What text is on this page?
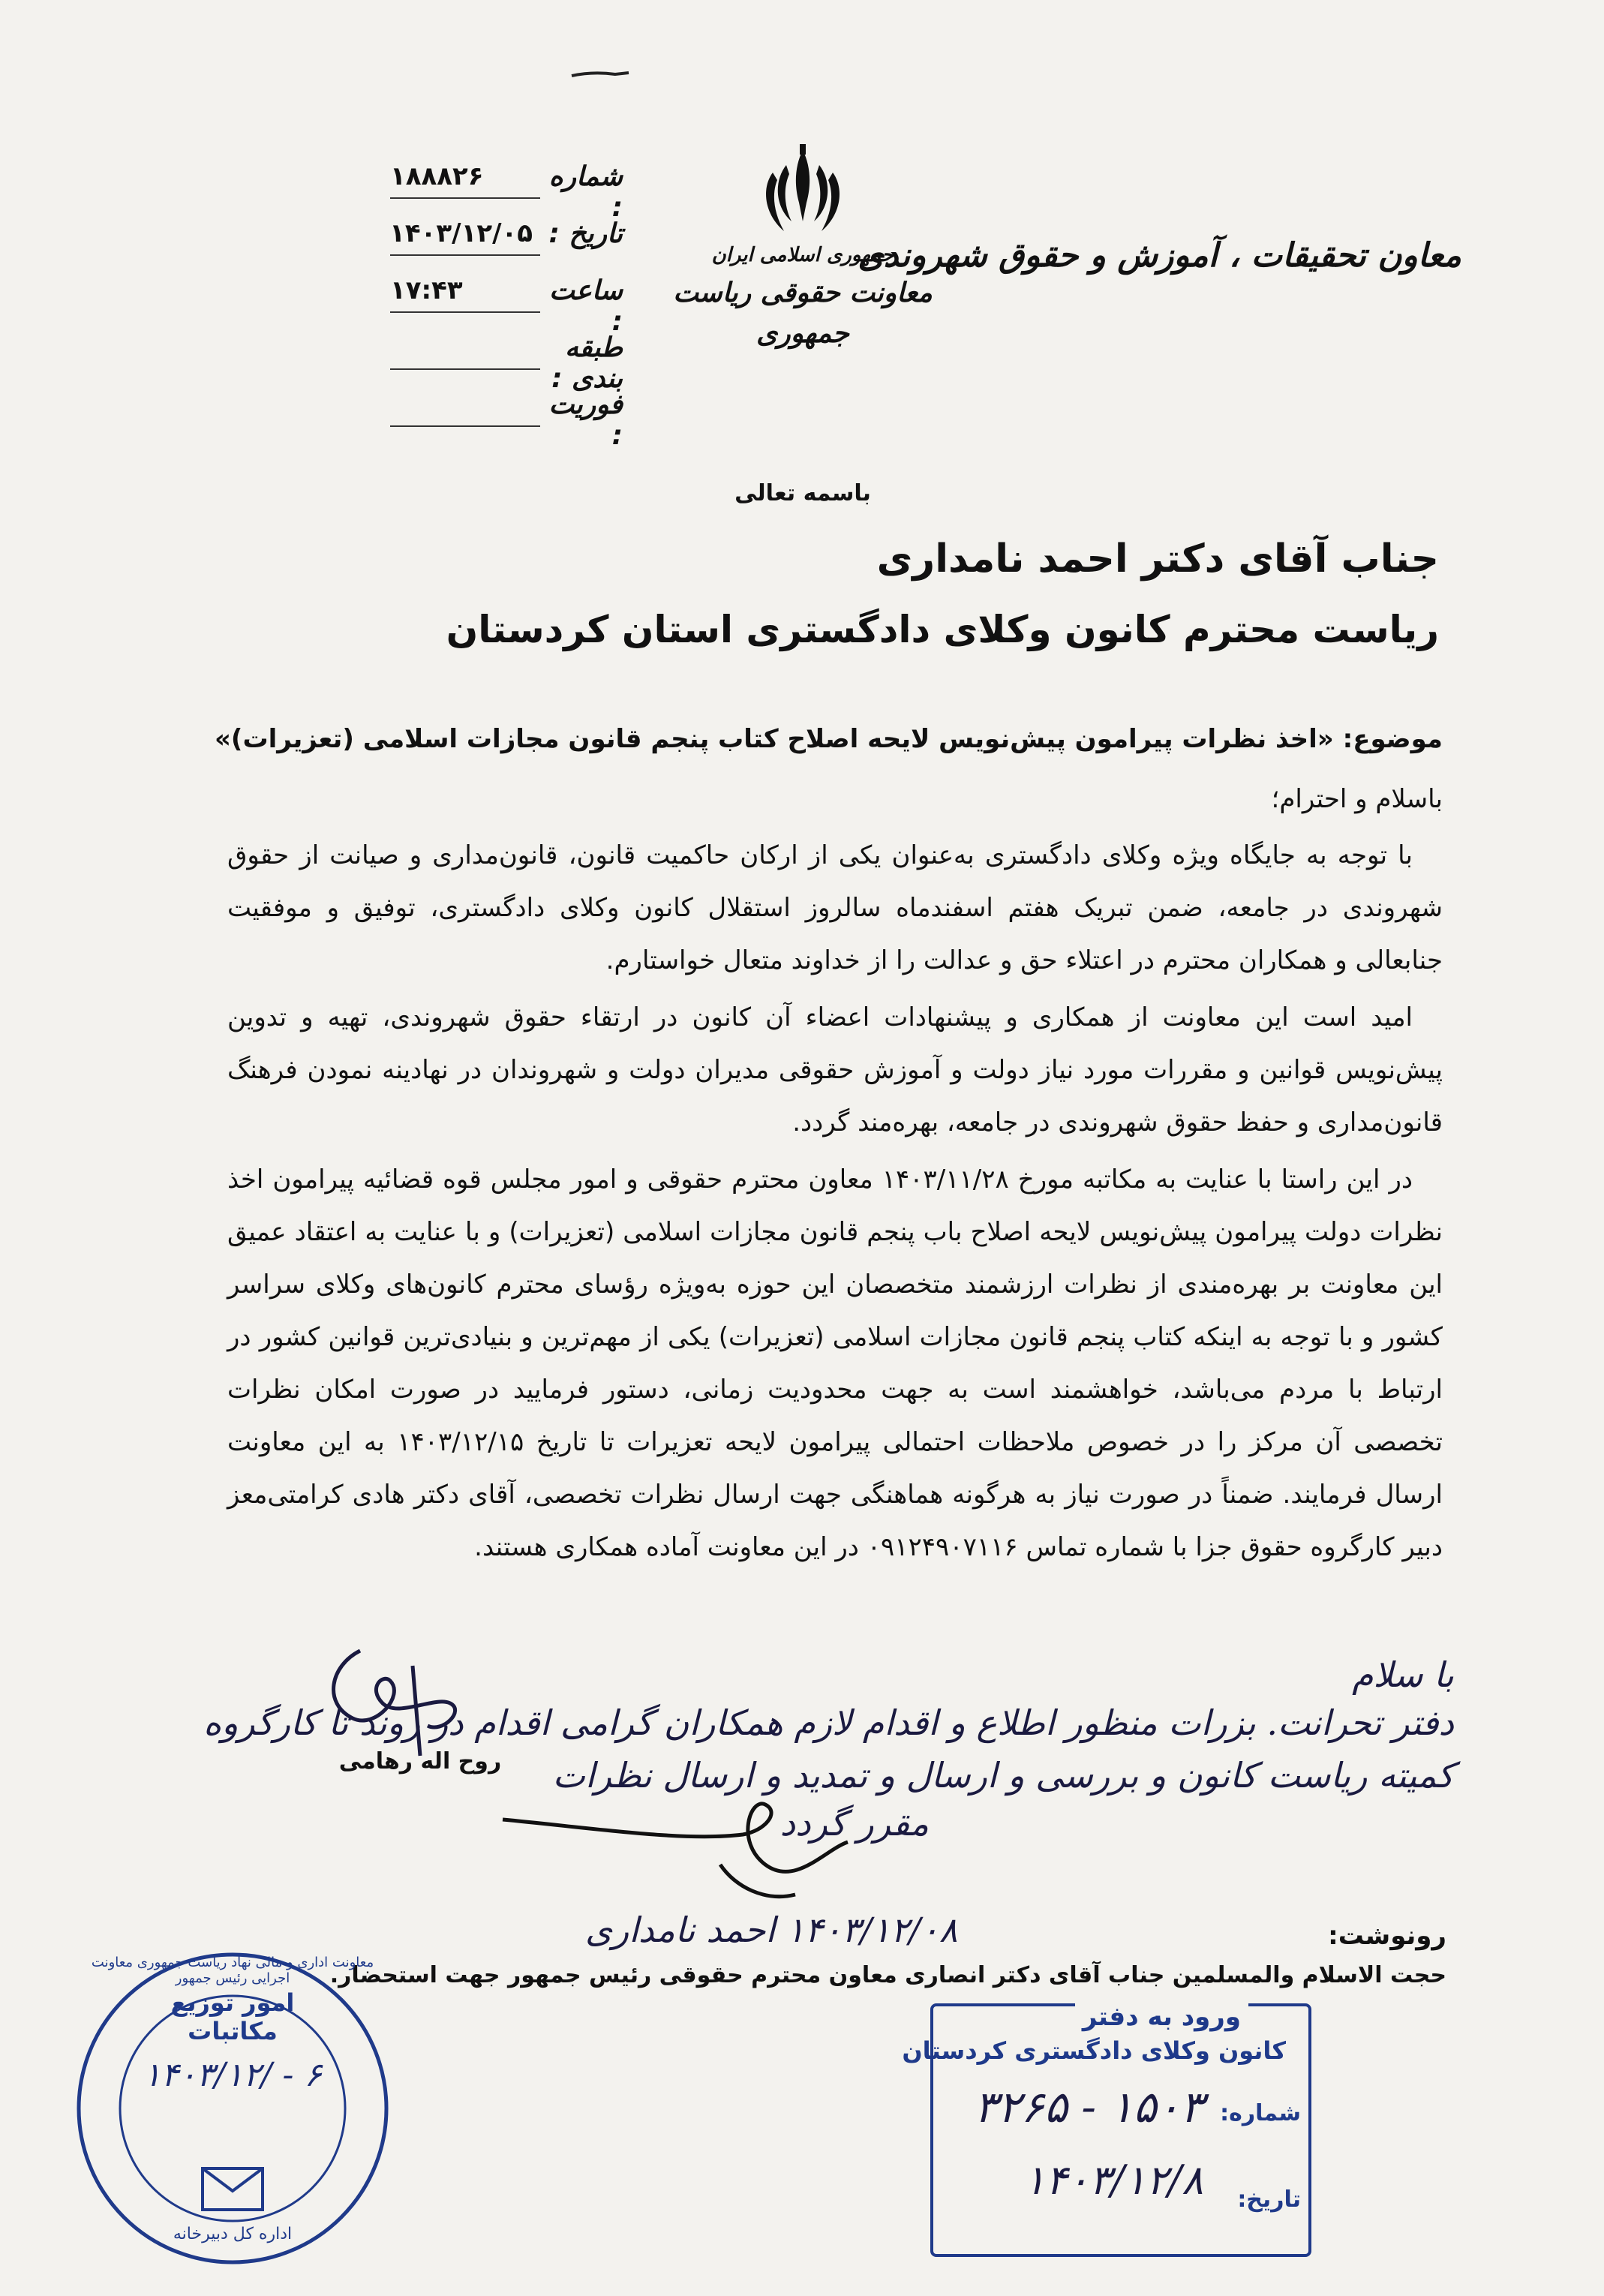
جمهوری اسلامی ایران
معاونت حقوقی ریاست جمهوری
معاون تحقیقات ، آموزش و حقوق شهروندی
شماره :
۱۸۸۸۲۶
تاریخ :
۱۴۰۳/۱۲/۰۵
ساعت :
۱۷:۴۳
طبقه بندی :
فوریت :
باسمه تعالی
جناب آقای دکتر احمد نامداری
ریاست محترم کانون وکلای دادگستری استان کردستان
موضوع: «اخذ نظرات پیرامون پیش‌نویس لایحه اصلاح کتاب پنجم قانون مجازات اسلامی (تعزیرات)»
باسلام و احترام؛

با توجه به جایگاه ویژه وکلای دادگستری به‌عنوان یکی از ارکان حاکمیت قانون، قانون‌مداری و صیانت از حقوق شهروندی در جامعه، ضمن تبریک هفتم اسفندماه سالروز استقلال کانون وکلای دادگستری، توفیق و موفقیت جنابعالی و همکاران محترم در اعتلاء حق و عدالت را از خداوند متعال خواستارم.

امید است این معاونت از همکاری و پیشنهادات اعضاء آن کانون در ارتقاء حقوق شهروندی، تهیه و تدوین پیش‌نویس قوانین و مقررات مورد نیاز دولت و آموزش حقوقی مدیران دولت و شهروندان در نهادینه نمودن فرهنگ قانون‌مداری و حفظ حقوق شهروندی در جامعه، بهره‌مند گردد.

در این راستا با عنایت به مکاتبه مورخ ۱۴۰۳/۱۱/۲۸ معاون محترم حقوقی و امور مجلس قوه قضائیه پیرامون اخذ نظرات دولت پیرامون پیش‌نویس لایحه اصلاح باب پنجم قانون مجازات اسلامی (تعزیرات) و با عنایت به اعتقاد عمیق این معاونت بر بهره‌مندی از نظرات ارزشمند متخصصان این حوزه به‌ویژه رؤسای محترم کانون‌های وکلای سراسر کشور و با توجه به اینکه کتاب پنجم قانون مجازات اسلامی (تعزیرات) یکی از مهم‌ترین و بنیادی‌ترین قوانین کشور در ارتباط با مردم می‌باشد، خواهشمند است به جهت محدودیت زمانی، دستور فرمایید در صورت امکان نظرات تخصصی آن مرکز را در خصوص ملاحظات احتمالی پیرامون لایحه تعزیرات تا تاریخ ۱۴۰۳/۱۲/۱۵ به این معاونت ارسال فرمایند. ضمناً در صورت نیاز به هرگونه هماهنگی جهت ارسال نظرات تخصصی، آقای دکتر هادی کرامتی‌معز دبیر کارگروه حقوق جزا با شماره تماس ۰۹۱۲۴۹۰۷۱۱۶ در این معاونت آماده همکاری هستند.

با سلام
دفتر تحرانت. بزرات منظور اطلاع و اقدام لازم همکاران گرامی اقدام در روند تا کارگروه
کمیته ریاست کانون و بررسی و ارسال و تمدید و ارسال نظرات
مقرر گردد
روح اله رهامی
۱۴۰۳/۱۲/۰۸ احمد نامداری	رونوشت:
حجت الاسلام والمسلمین جناب آقای دکتر انصاری معاون محترم حقوقی رئیس جمهور جهت استحضار.
امور توزیع مکاتبات
معاونت اداری و مالی نهاد ریاست جمهوری معاونت اجرایی رئیس جمهور
اداره کل دبیرخانه
۱۴۰۳/۱۲/ - ۶
ورود به دفتر
کانون وکلای دادگستری کردستان
شماره:
۱۵۰۳ - ۳۲۶۵
تاریخ:
۱۴۰۳/۱۲/۸
